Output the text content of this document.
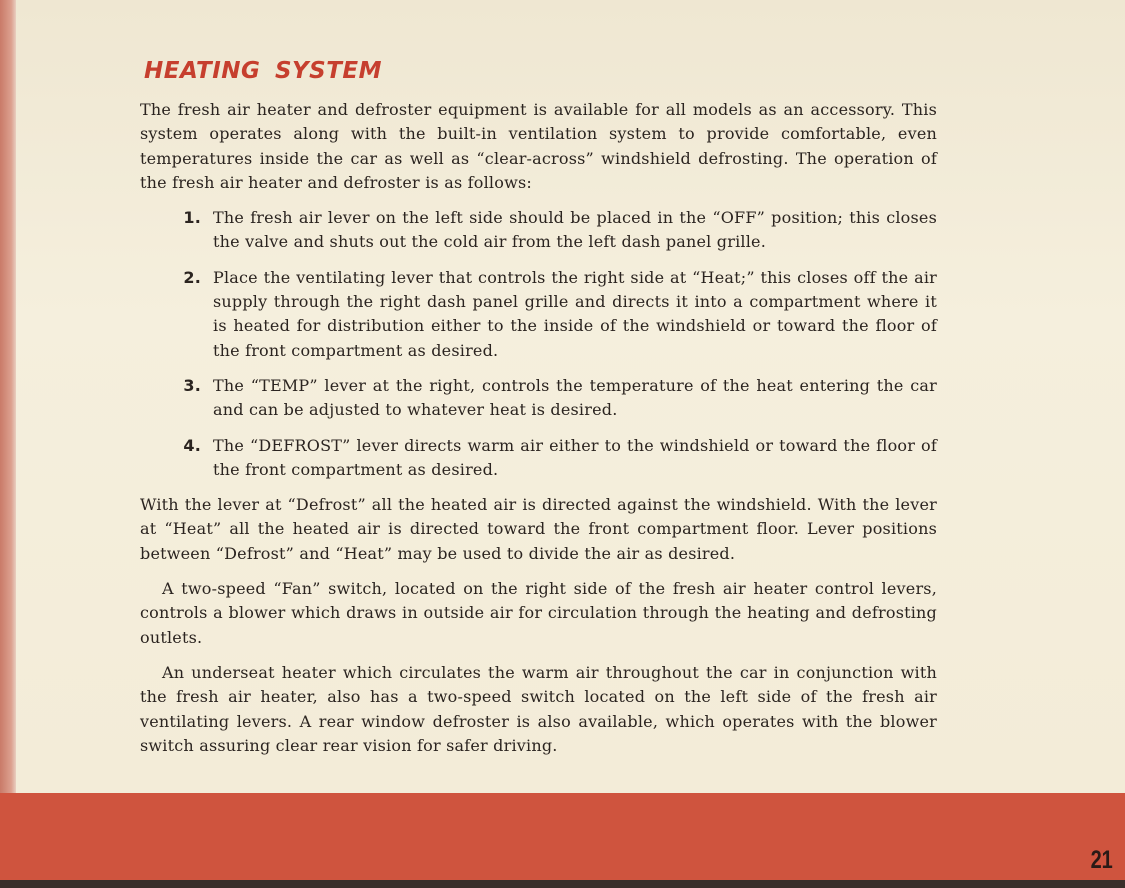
21
HEATING SYSTEM

The fresh air heater and defroster equipment is available for all models as an accessory. This system operates along with the built-in ventilation system to provide comfortable, even temperatures inside the car as well as “clear-across” windshield defrosting. The operation of the fresh air heater and defroster is as follows:

1. The fresh air lever on the left side should be placed in the “OFF” position; this closes the valve and shuts out the cold air from the left dash panel grille.
2. Place the ventilating lever that controls the right side at “Heat;” this closes off the air supply through the right dash panel grille and directs it into a compartment where it is heated for distribution either to the inside of the windshield or toward the floor of the front compartment as desired.
3. The “TEMP” lever at the right, controls the temperature of the heat entering the car and can be adjusted to whatever heat is desired.
4. The “DEFROST” lever directs warm air either to the windshield or toward the floor of the front compartment as desired.

With the lever at “Defrost” all the heated air is directed against the windshield. With the lever at “Heat” all the heated air is directed toward the front compartment floor. Lever positions between “Defrost” and “Heat” may be used to divide the air as desired.

A two-speed “Fan” switch, located on the right side of the fresh air heater control levers, controls a blower which draws in outside air for circulation through the heating and defrosting outlets.

An underseat heater which circulates the warm air throughout the car in conjunction with the fresh air heater, also has a two-speed switch located on the left side of the fresh air ventilating levers. A rear window defroster is also available, which operates with the blower switch assuring clear rear vision for safer driving.
